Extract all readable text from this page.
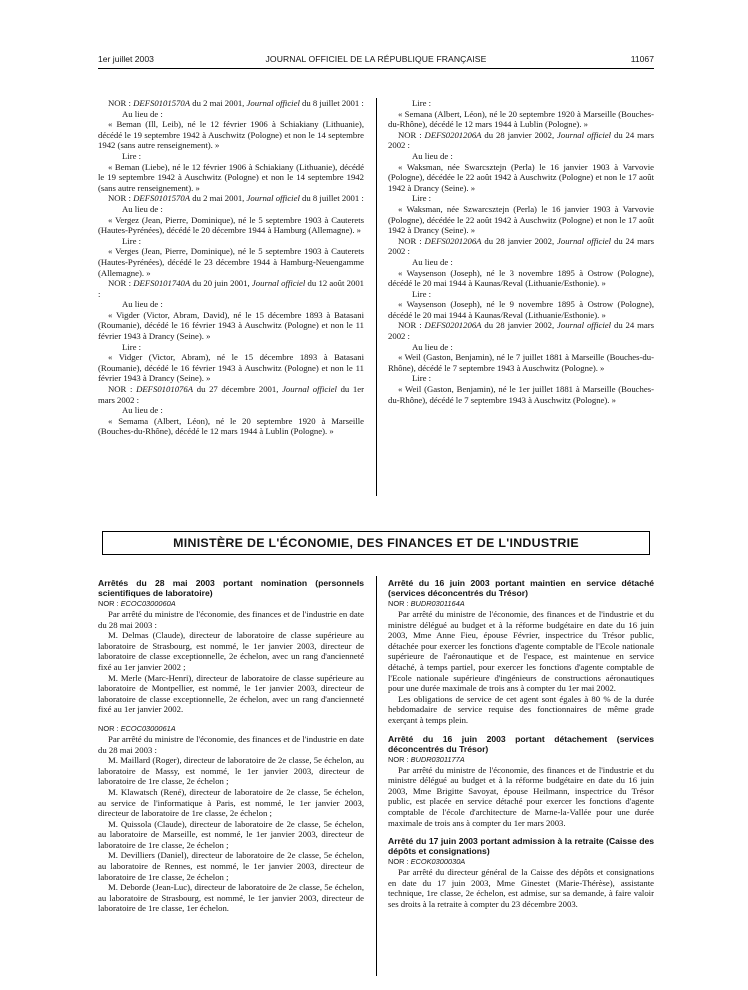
1er juillet 2003	JOURNAL OFFICIEL DE LA RÉPUBLIQUE FRANÇAISE	11067

NOR : DEFS0101570A du 2 mai 2001, Journal officiel du 8 juillet 2001 :

Au lieu de :

« Beman (Ill, Leib), né le 12 février 1906 à Schiakiany (Lithuanie), décédé le 19 septembre 1942 à Auschwitz (Pologne) et non le 14 septembre 1942 (sans autre renseignement). »

Lire :

« Beman (Liebe), né le 12 février 1906 à Schiakiany (Lithuanie), décédé le 19 septembre 1942 à Auschwitz (Pologne) et non le 14 septembre 1942 (sans autre renseignement). »

NOR : DEFS0101570A du 2 mai 2001, Journal officiel du 8 juillet 2001 :

Au lieu de :

« Vergez (Jean, Pierre, Dominique), né le 5 septembre 1903 à Cauterets (Hautes-Pyrénées), décédé le 20 décembre 1944 à Hamburg (Allemagne). »

Lire :

« Verges (Jean, Pierre, Dominique), né le 5 septembre 1903 à Cauterets (Hautes-Pyrénées), décédé le 23 décembre 1944 à Hamburg-Neuengamme (Allemagne). »

NOR : DEFS0101740A du 20 juin 2001, Journal officiel du 12 août 2001 :

Au lieu de :

« Vigder (Victor, Abram, David), né le 15 décembre 1893 à Batasani (Roumanie), décédé le 16 février 1943 à Auschwitz (Pologne) et non le 11 février 1943 à Drancy (Seine). »

Lire :

« Vidger (Victor, Abram), né le 15 décembre 1893 à Batasani (Roumanie), décédé le 16 février 1943 à Auschwitz (Pologne) et non le 11 février 1943 à Drancy (Seine). »

NOR : DEFS0101076A du 27 décembre 2001, Journal officiel du 1er mars 2002 :

Au lieu de :

« Semama (Albert, Léon), né le 20 septembre 1920 à Marseille (Bouches-du-Rhône), décédé le 12 mars 1944 à Lublin (Pologne). »

Lire :

« Semana (Albert, Léon), né le 20 septembre 1920 à Marseille (Bouches-du-Rhône), décédé le 12 mars 1944 à Lublin (Pologne). »

NOR : DEFS0201206A du 28 janvier 2002, Journal officiel du 24 mars 2002 :

Au lieu de :

« Waksman, née Swarcsztejn (Perla) le 16 janvier 1903 à Varvovie (Pologne), décédée le 22 août 1942 à Auschwitz (Pologne) et non le 17 août 1942 à Drancy (Seine). »

Lire :

« Waksman, née Szwarcsztejn (Perla) le 16 janvier 1903 à Varvovie (Pologne), décédée le 22 août 1942 à Auschwitz (Pologne) et non le 17 août 1942 à Drancy (Seine). »

NOR : DEFS0201206A du 28 janvier 2002, Journal officiel du 24 mars 2002 :

Au lieu de :

« Waysenson (Joseph), né le 3 novembre 1895 à Ostrow (Pologne), décédé le 20 mai 1944 à Kaunas/Reval (Lithuanie/Esthonie). »

Lire :

« Waysenson (Joseph), né le 9 novembre 1895 à Ostrow (Pologne), décédé le 20 mai 1944 à Kaunas/Reval (Lithuanie/Esthonie). »

NOR : DEFS0201206A du 28 janvier 2002, Journal officiel du 24 mars 2002 :

Au lieu de :

« Weil (Gaston, Benjamin), né le 7 juillet 1881 à Marseille (Bouches-du-Rhône), décédé le 7 septembre 1943 à Auschwitz (Pologne). »

Lire :

« Weil (Gaston, Benjamin), né le 1er juillet 1881 à Marseille (Bouches-du-Rhône), décédé le 7 septembre 1943 à Auschwitz (Pologne). »

MINISTÈRE DE L'ÉCONOMIE, DES FINANCES ET DE L'INDUSTRIE

Arrêtés du 28 mai 2003 portant nomination (personnels scientifiques de laboratoire)

NOR : ECOC0300060A

Par arrêté du ministre de l'économie, des finances et de l'industrie en date du 28 mai 2003 :

M. Delmas (Claude), directeur de laboratoire de classe supérieure au laboratoire de Strasbourg, est nommé, le 1er janvier 2003, directeur de laboratoire de classe exceptionnelle, 2e échelon, avec un rang d'ancienneté fixé au 1er janvier 2002 ;

M. Merle (Marc-Henri), directeur de laboratoire de classe supérieure au laboratoire de Montpellier, est nommé, le 1er janvier 2003, directeur de laboratoire de classe exceptionnelle, 2e échelon, avec un rang d'ancienneté fixé au 1er janvier 2002.

NOR : ECOC0300061A

Par arrêté du ministre de l'économie, des finances et de l'industrie en date du 28 mai 2003 :

M. Maillard (Roger), directeur de laboratoire de 2e classe, 5e échelon, au laboratoire de Massy, est nommé, le 1er janvier 2003, directeur de laboratoire de 1re classe, 2e échelon ;

M. Klawatsch (René), directeur de laboratoire de 2e classe, 5e échelon, au service de l'informatique à Paris, est nommé, le 1er janvier 2003, directeur de laboratoire de 1re classe, 2e échelon ;

M. Quissola (Claude), directeur de laboratoire de 2e classe, 5e échelon, au laboratoire de Marseille, est nommé, le 1er janvier 2003, directeur de laboratoire de 1re classe, 2e échelon ;

M. Devilliers (Daniel), directeur de laboratoire de 2e classe, 5e échelon, au laboratoire de Rennes, est nommé, le 1er janvier 2003, directeur de laboratoire de 1re classe, 2e échelon ;

M. Deborde (Jean-Luc), directeur de laboratoire de 2e classe, 5e échelon, au laboratoire de Strasbourg, est nommé, le 1er janvier 2003, directeur de laboratoire de 1re classe, 1er échelon.

Arrêté du 16 juin 2003 portant maintien en service détaché (services déconcentrés du Trésor)

NOR : BUDR0301164A

Par arrêté du ministre de l'économie, des finances et de l'industrie et du ministre délégué au budget et à la réforme budgétaire en date du 16 juin 2003, Mme Anne Fieu, épouse Février, inspectrice du Trésor public, détachée pour exercer les fonctions d'agente comptable de l'Ecole nationale supérieure de l'aéronautique et de l'espace, est maintenue en service détaché, à temps partiel, pour exercer les fonctions d'agente comptable de l'Ecole nationale supérieure d'ingénieurs de constructions aéronautiques pour une durée maximale de trois ans à compter du 1er mai 2002.

Les obligations de service de cet agent sont égales à 80 % de la durée hebdomadaire de service requise des fonctionnaires de même grade exerçant à temps plein.

Arrêté du 16 juin 2003 portant détachement (services déconcentrés du Trésor)

NOR : BUDR0301177A

Par arrêté du ministre de l'économie, des finances et de l'industrie et du ministre délégué au budget et à la réforme budgétaire en date du 16 juin 2003, Mme Brigitte Savoyat, épouse Heilmann, inspectrice du Trésor public, est placée en service détaché pour exercer les fonctions d'agente comptable de l'école d'architecture de Marne-la-Vallée pour une durée maximale de trois ans à compter du 1er mars 2003.

Arrêté du 17 juin 2003 portant admission à la retraite (Caisse des dépôts et consignations)

NOR : ECOK0300030A

Par arrêté du directeur général de la Caisse des dépôts et consignations en date du 17 juin 2003, Mme Ginestet (Marie-Thérèse), assistante technique, 1re classe, 2e échelon, est admise, sur sa demande, à faire valoir ses droits à la retraite à compter du 23 décembre 2003.
